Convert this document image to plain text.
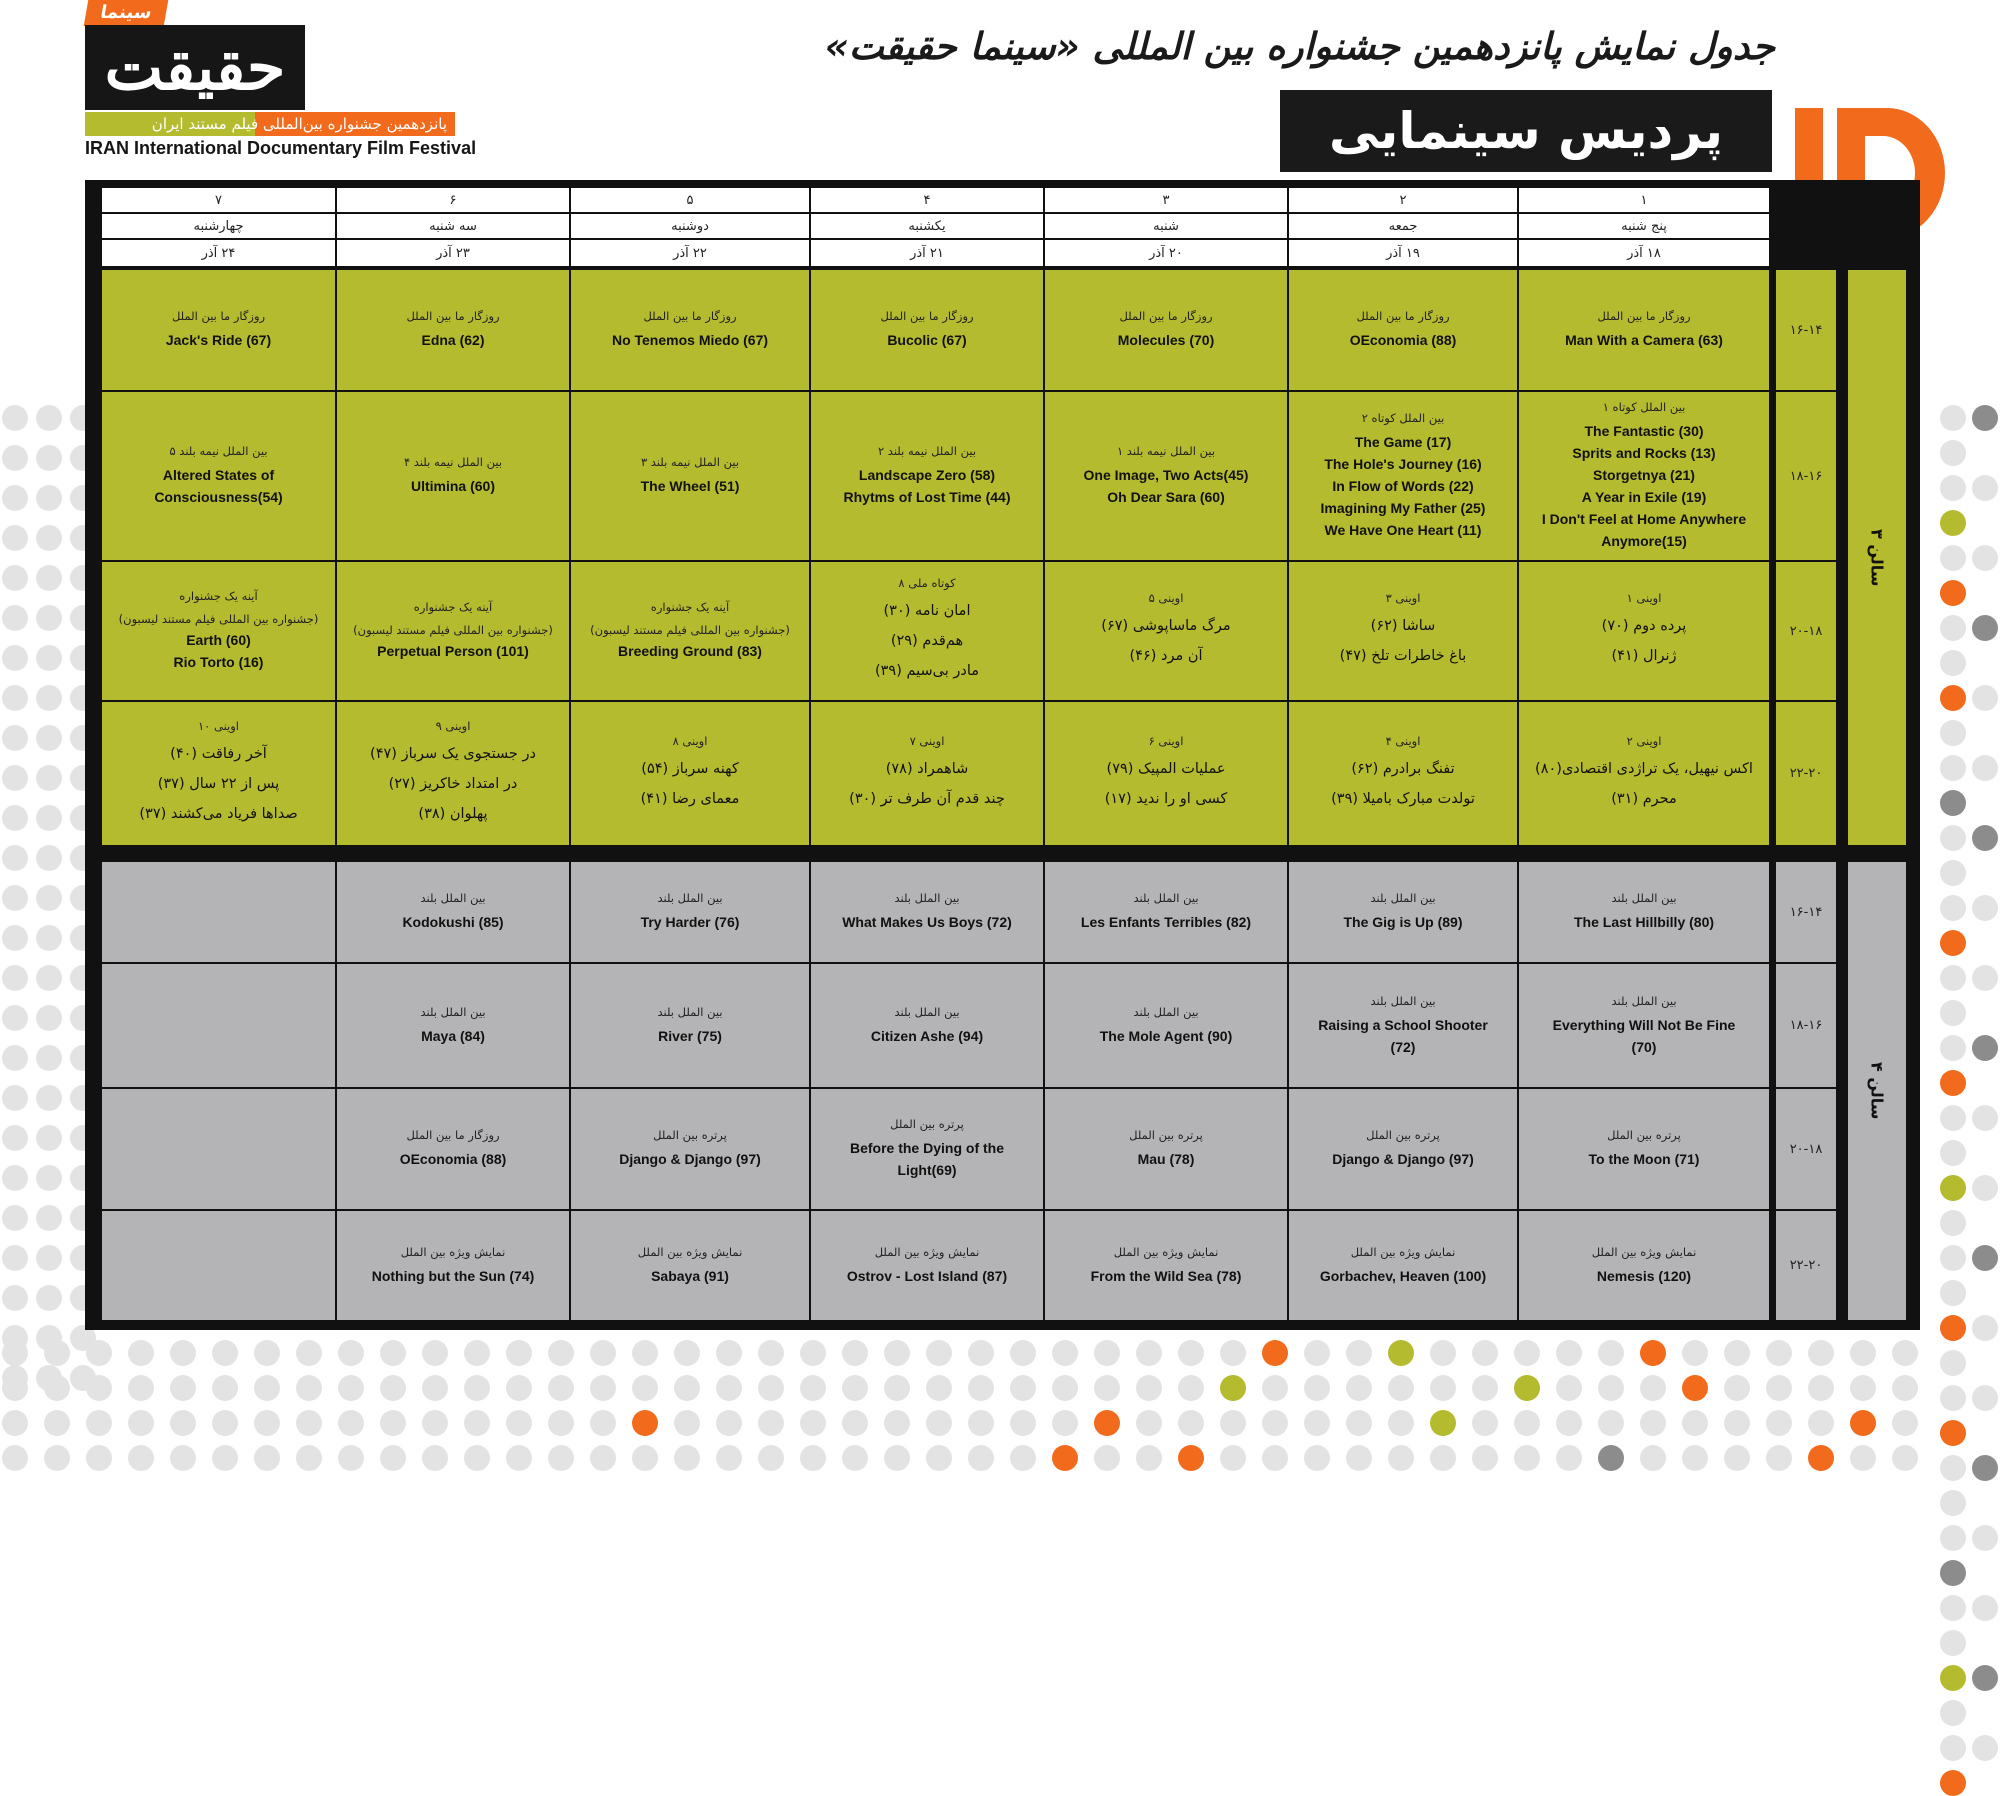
سینما
حقیقت
پانزدهمین جشنواره بین‌المللی فیلم مستند ایران
IRAN International Documentary Film Festival
جدول نمایش پانزدهمین جشنواره بین المللی «سینما حقیقت»
پردیس سینمایی
۷
چهارشنبه
۲۴ آذر
۶
سه شنبه
۲۳ آذر
۵
دوشنبه
۲۲ آذر
۴
یکشنبه
۲۱ آذر
۳
شنبه
۲۰ آذر
۲
جمعه
۱۹ آذر
۱
پنج شنبه
۱۸ آذر
سالن ۳
۱۶-۱۴
روزگار ما بین الملل
Jack's Ride (67)
روزگار ما بین الملل
Edna (62)
روزگار ما بین الملل
No Tenemos Miedo (67)
روزگار ما بین الملل
Bucolic (67)
روزگار ما بین الملل
Molecules (70)
روزگار ما بین الملل
OEconomia (88)
روزگار ما بین الملل
Man With a Camera (63)
۱۸-۱۶
بین الملل نیمه بلند ۵
Altered States of
Consciousness(54)
بین الملل نیمه بلند ۴
Ultimina (60)
بین الملل نیمه بلند ۳
The Wheel (51)
بین الملل نیمه بلند ۲
Landscape Zero (58)
Rhytms of Lost Time (44)
بین الملل نیمه بلند ۱
One Image, Two Acts(45)
Oh Dear Sara (60)
بین الملل کوتاه ۲
The Game (17)
The Hole's Journey (16)
In Flow of Words (22)
Imagining My Father (25)
We Have One Heart (11)
بین الملل کوتاه ۱
The Fantastic (30)
Sprits and Rocks (13)
Storgetnya (21)
A Year in Exile (19)
I Don't Feel at Home Anywhere
Anymore(15)
۲۰-۱۸
آینه یک جشنواره
(جشنواره بین المللی فیلم مستند لیسبون)
Earth (60)
Rio Torto (16)
آینه یک جشنواره
(جشنواره بین المللی فیلم مستند لیسبون)
Perpetual Person (101)
آینه یک جشنواره
(جشنواره بین المللی فیلم مستند لیسبون)
Breeding Ground (83)
کوتاه ملی ۸
امان نامه (۳۰)
هم‌قدم (۲۹)
مادر بی‌سیم (۳۹)
اوینی ۵
مرگ ماساپوشی (۶۷)
آن مرد (۴۶)
اوینی ۳
ساشا (۶۲)
باغ خاطرات تلخ (۴۷)
اوینی ۱
پرده دوم (۷۰)
ژنرال (۴۱)
۲۲-۲۰
اوینی ۱۰
آخر رفاقت (۴۰)
پس از ۲۲ سال (۳۷)
صداها فریاد می‌کشند (۳۷)
اوینی ۹
در جستجوی یک سرباز (۴۷)
در امتداد خاکریز (۲۷)
پهلوان (۳۸)
اوینی ۸
کهنه سرباز (۵۴)
معمای رضا (۴۱)
اوینی ۷
شاهمراد (۷۸)
چند قدم آن طرف تر (۳۰)
اوینی ۶
عملیات المپیک (۷۹)
کسی او را ندید (۱۷)
اوینی ۴
تفنگ برادرم (۶۲)
تولدت مبارک بامیلا (۳۹)
اوینی ۲
اکس نیهیل، یک تراژدی اقتصادی(۸۰)
محرم (۳۱)
سالن ۴
۱۶-۱۴
بین الملل بلند
Kodokushi (85)
بین الملل بلند
Try Harder (76)
بین الملل بلند
What Makes Us Boys (72)
بین الملل بلند
Les Enfants Terribles (82)
بین الملل بلند
The Gig is Up (89)
بین الملل بلند
The Last Hillbilly (80)
۱۸-۱۶
بین الملل بلند
Maya (84)
بین الملل بلند
River (75)
بین الملل بلند
Citizen Ashe (94)
بین الملل بلند
The Mole Agent (90)
بین الملل بلند
Raising a School Shooter
(72)
بین الملل بلند
Everything Will Not Be Fine
(70)
۲۰-۱۸
روزگار ما بین الملل
OEconomia (88)
پرتره بین الملل
Django & Django (97)
پرتره بین الملل
Before the Dying of the
Light(69)
پرتره بین الملل
Mau (78)
پرتره بین الملل
Django & Django (97)
پرتره بین الملل
To the Moon (71)
۲۲-۲۰
نمایش ویژه بین الملل
Nothing but the Sun (74)
نمایش ویژه بین الملل
Sabaya (91)
نمایش ویژه بین الملل
Ostrov - Lost Island (87)
نمایش ویژه بین الملل
From the Wild Sea (78)
نمایش ویژه بین الملل
Gorbachev, Heaven (100)
نمایش ویژه بین الملل
Nemesis (120)
